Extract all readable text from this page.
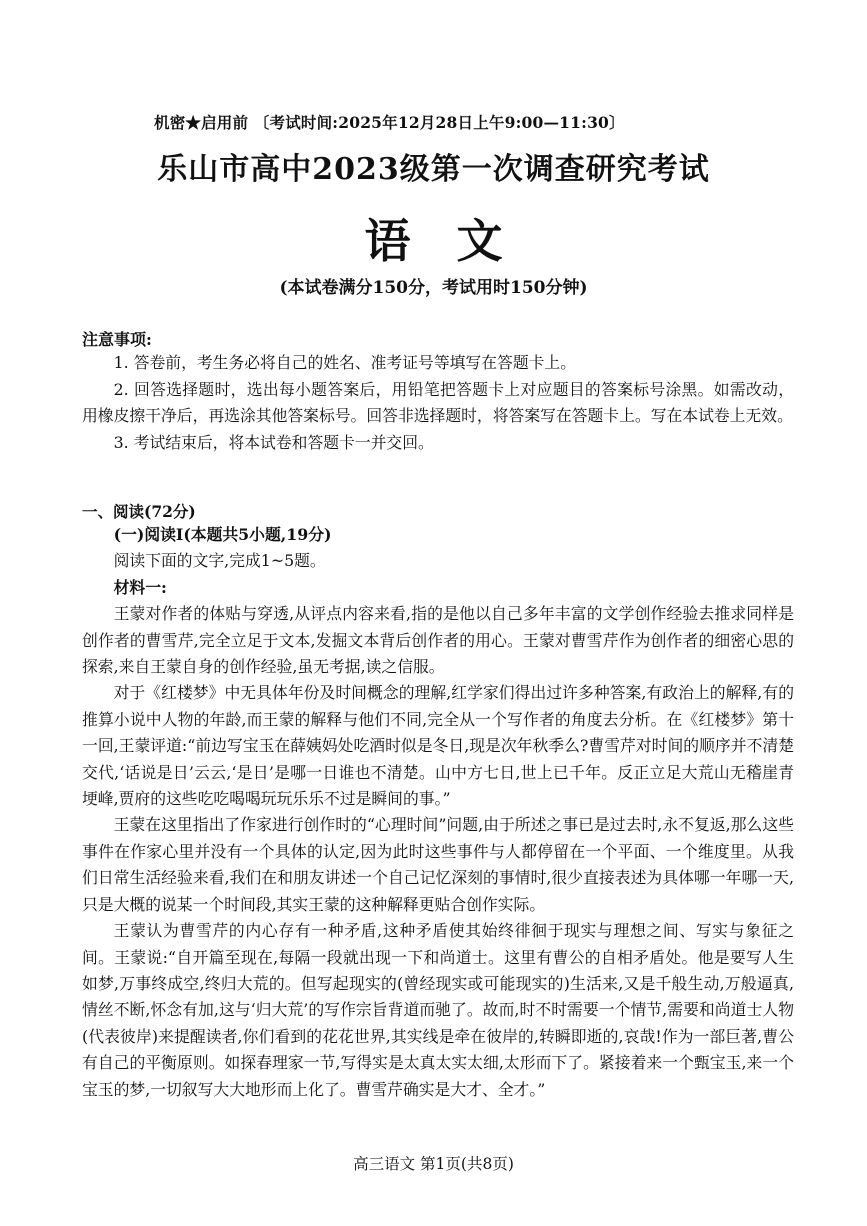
机密★启用前 〔考试时间:2025年12月28日上午9:00—11:30〕
乐山市高中2023级第一次调查研究考试
语文
(本试卷满分150分，考试用时150分钟)
注意事项:

1. 答卷前，考生务必将自己的姓名、准考证号等填写在答题卡上。

2. 回答选择题时，选出每小题答案后，用铅笔把答题卡上对应题目的答案标号涂黑。如需改动，用橡皮擦干净后，再选涂其他答案标号。回答非选择题时，将答案写在答题卡上。写在本试卷上无效。

3. 考试结束后，将本试卷和答题卡一并交回。

一、阅读(72分)

(一)阅读Ⅰ(本题共5小题,19分)

阅读下面的文字,完成1~5题。

材料一:

王蒙对作者的体贴与穿透,从评点内容来看,指的是他以自己多年丰富的文学创作经验去推求同样是创作者的曹雪芹,完全立足于文本,发掘文本背后创作者的用心。王蒙对曹雪芹作为创作者的细密心思的探索,来自王蒙自身的创作经验,虽无考据,读之信服。

对于《红楼梦》中无具体年份及时间概念的理解,红学家们得出过许多种答案,有政治上的解释,有的推算小说中人物的年龄,而王蒙的解释与他们不同,完全从一个写作者的角度去分析。在《红楼梦》第十一回,王蒙评道:“前边写宝玉在薛姨妈处吃酒时似是冬日,现是次年秋季么?曹雪芹对时间的顺序并不清楚交代,‘话说是日’云云,‘是日’是哪一日谁也不清楚。山中方七日,世上已千年。反正立足大荒山无稽崖青埂峰,贾府的这些吃吃喝喝玩玩乐乐不过是瞬间的事。”

王蒙在这里指出了作家进行创作时的“心理时间”问题,由于所述之事已是过去时,永不复返,那么这些事件在作家心里并没有一个具体的认定,因为此时这些事件与人都停留在一个平面、一个维度里。从我们日常生活经验来看,我们在和朋友讲述一个自己记忆深刻的事情时,很少直接表述为具体哪一年哪一天,只是大概的说某一个时间段,其实王蒙的这种解释更贴合创作实际。

王蒙认为曹雪芹的内心存有一种矛盾,这种矛盾使其始终徘徊于现实与理想之间、写实与象征之间。王蒙说:“自开篇至现在,每隔一段就出现一下和尚道士。这里有曹公的自相矛盾处。他是要写人生如梦,万事终成空,终归大荒的。但写起现实的(曾经现实或可能现实的)生活来,又是千般生动,万般逼真,情丝不断,怀念有加,这与‘归大荒’的写作宗旨背道而驰了。故而,时不时需要一个情节,需要和尚道士人物(代表彼岸)来提醒读者,你们看到的花花世界,其实线是牵在彼岸的,转瞬即逝的,哀哉!作为一部巨著,曹公有自己的平衡原则。如探春理家一节,写得实是太真太实太细,太形而下了。紧接着来一个甄宝玉,来一个宝玉的梦,一切叙写大大地形而上化了。曹雪芹确实是大才、全才。”

高三语文 第1页(共8页)
